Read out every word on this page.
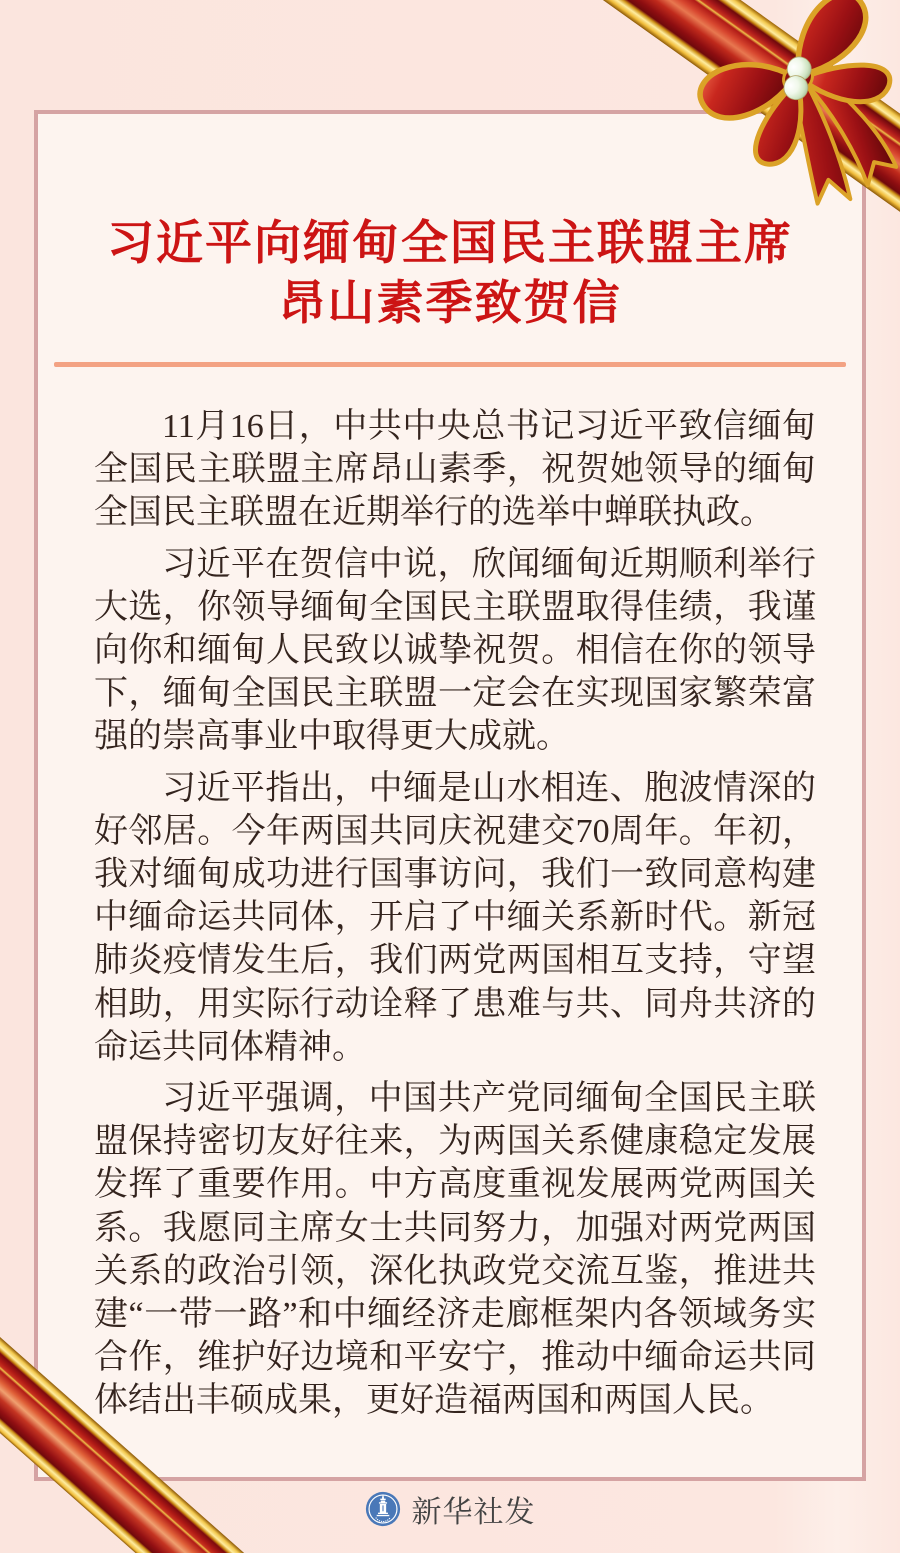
习近平向缅甸全国民主联盟主席
昂山素季致贺信

11月16日，中共中央总书记习近平致信缅甸全国民主联盟主席昂山素季，祝贺她领导的缅甸全国民主联盟在近期举行的选举中蝉联执政。

习近平在贺信中说，欣闻缅甸近期顺利举行大选，你领导缅甸全国民主联盟取得佳绩，我谨向你和缅甸人民致以诚挚祝贺。相信在你的领导下，缅甸全国民主联盟一定会在实现国家繁荣富强的崇高事业中取得更大成就。

习近平指出，中缅是山水相连、胞波情深的好邻居。今年两国共同庆祝建交70周年。年初，我对缅甸成功进行国事访问，我们一致同意构建中缅命运共同体，开启了中缅关系新时代。新冠肺炎疫情发生后，我们两党两国相互支持，守望相助，用实际行动诠释了患难与共、同舟共济的命运共同体精神。

习近平强调，中国共产党同缅甸全国民主联盟保持密切友好往来，为两国关系健康稳定发展发挥了重要作用。中方高度重视发展两党两国关系。我愿同主席女士共同努力，加强对两党两国关系的政治引领，深化执政党交流互鉴，推进共建“一带一路”和中缅经济走廊框架内各领域务实合作，维护好边境和平安宁，推动中缅命运共同体结出丰硕成果，更好造福两国和两国人民。

新华社发
